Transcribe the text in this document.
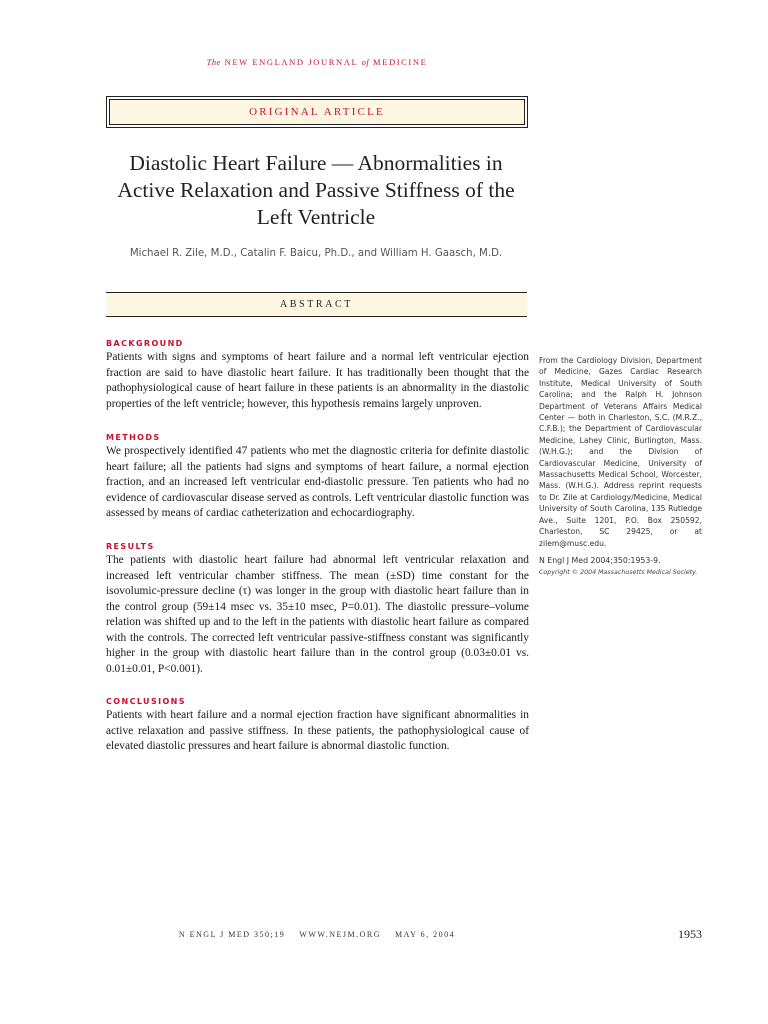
The NEW ENGLAND JOURNAL of MEDICINE
ORIGINAL ARTICLE
Diastolic Heart Failure — Abnormalities in Active Relaxation and Passive Stiffness of the Left Ventricle
Michael R. Zile, M.D., Catalin F. Baicu, Ph.D., and William H. Gaasch, M.D.
ABSTRACT
BACKGROUND

Patients with signs and symptoms of heart failure and a normal left ventricular ejection fraction are said to have diastolic heart failure. It has traditionally been thought that the pathophysiological cause of heart failure in these patients is an abnormality in the diastolic properties of the left ventricle; however, this hypothesis remains largely unproven.

METHODS

We prospectively identified 47 patients who met the diagnostic criteria for definite diastolic heart failure; all the patients had signs and symptoms of heart failure, a normal ejection fraction, and an increased left ventricular end-diastolic pressure. Ten patients who had no evidence of cardiovascular disease served as controls. Left ventricular diastolic function was assessed by means of cardiac catheterization and echocardiography.

RESULTS

The patients with diastolic heart failure had abnormal left ventricular relaxation and increased left ventricular chamber stiffness. The mean (±SD) time constant for the isovolumic-pressure decline (τ) was longer in the group with diastolic heart failure than in the control group (59±14 msec vs. 35±10 msec, P=0.01). The diastolic pressure–volume relation was shifted up and to the left in the patients with diastolic heart failure as compared with the controls. The corrected left ventricular passive-stiffness constant was significantly higher in the group with diastolic heart failure than in the control group (0.03±0.01 vs. 0.01±0.01, P<0.001).

CONCLUSIONS

Patients with heart failure and a normal ejection fraction have significant abnormalities in active relaxation and passive stiffness. In these patients, the pathophysiological cause of elevated diastolic pressures and heart failure is abnormal diastolic function.

From the Cardiology Division, Department of Medicine, Gazes Cardiac Research Institute, Medical University of South Carolina; and the Ralph H. Johnson Department of Veterans Affairs Medical Center — both in Charleston, S.C. (M.R.Z., C.F.B.); the Department of Cardiovascular Medicine, Lahey Clinic, Burlington, Mass. (W.H.G.); and the Division of Cardiovascular Medicine, University of Massachusetts Medical School, Worcester, Mass. (W.H.G.). Address reprint requests to Dr. Zile at Cardiology/Medicine, Medical University of South Carolina, 135 Rutledge Ave., Suite 1201, P.O. Box 250592, Charleston, SC 29425, or at zilem@musc.edu.
N Engl J Med 2004;350:1953-9.
Copyright © 2004 Massachusetts Medical Society.
N ENGL J MED 350;19 WWW.NEJM.ORG MAY 6, 2004	1953
